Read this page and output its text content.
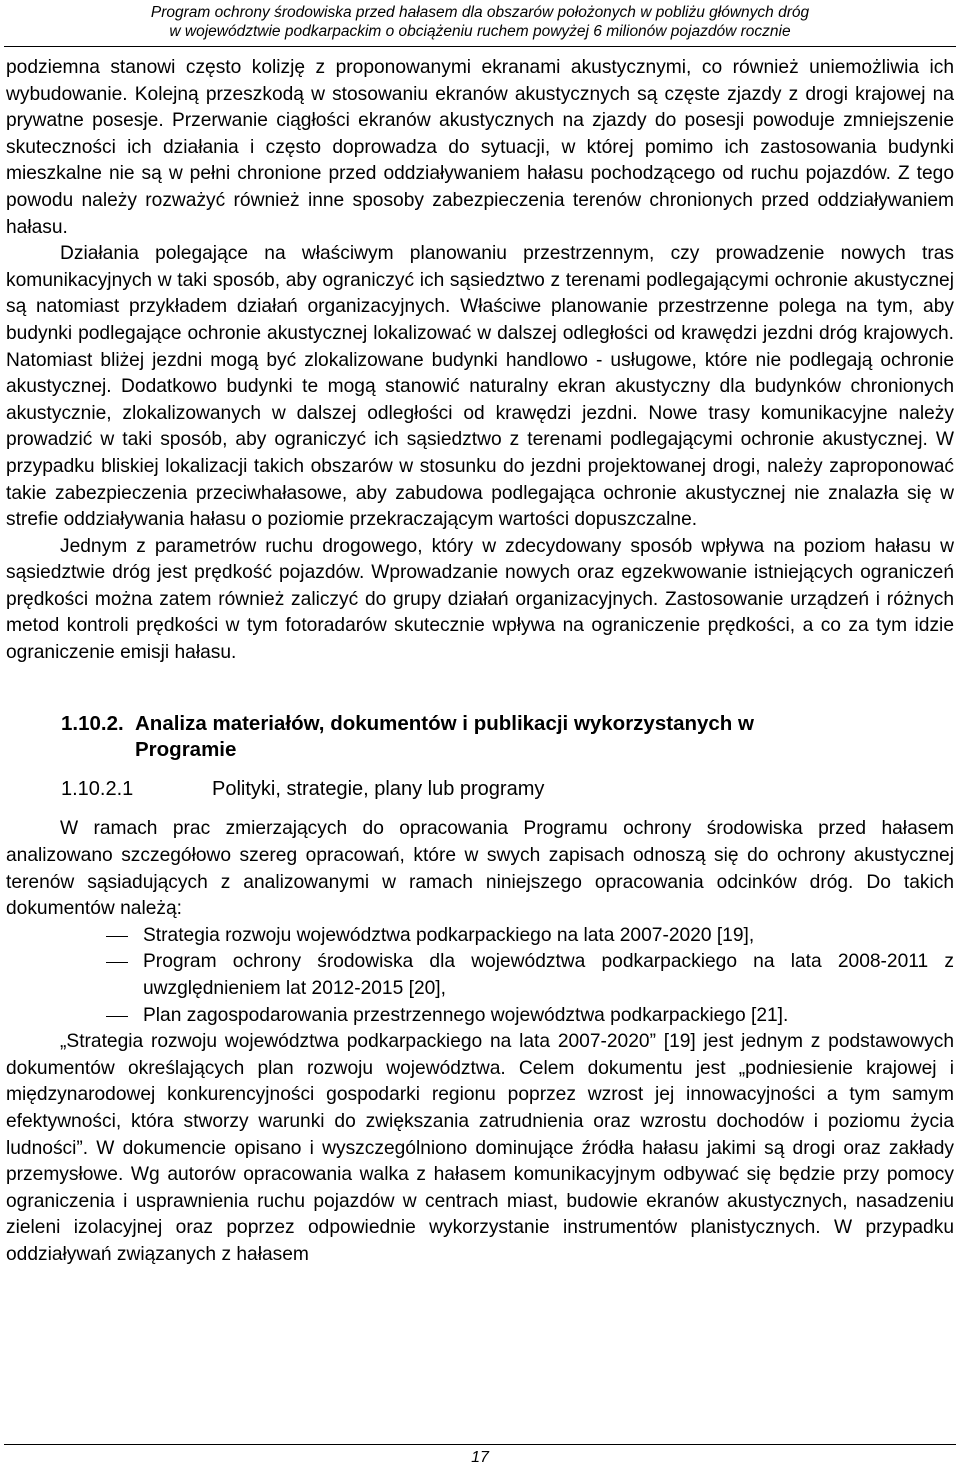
Program ochrony środowiska przed hałasem dla obszarów położonych w pobliżu głównych dróg
w województwie podkarpackim o obciążeniu ruchem powyżej 6 milionów pojazdów rocznie

podziemna stanowi często kolizję z proponowanymi ekranami akustycznymi, co również uniemożliwia ich wybudowanie. Kolejną przeszkodą w stosowaniu ekranów akustycznych są częste zjazdy z drogi krajowej na prywatne posesje. Przerwanie ciągłości ekranów akustycznych na zjazdy do posesji powoduje zmniejszenie skuteczności ich działania i często doprowadza do sytuacji, w której pomimo ich zastosowania budynki mieszkalne nie są w pełni chronione przed oddziaływaniem hałasu pochodzącego od ruchu pojazdów. Z tego powodu należy rozważyć również inne sposoby zabezpieczenia terenów chronionych przed oddziaływaniem hałasu.

Działania polegające na właściwym planowaniu przestrzennym, czy prowadzenie nowych tras komunikacyjnych w taki sposób, aby ograniczyć ich sąsiedztwo z terenami podlegającymi ochronie akustycznej są natomiast przykładem działań organizacyjnych. Właściwe planowanie przestrzenne polega na tym, aby budynki podlegające ochronie akustycznej lokalizować w dalszej odległości od krawędzi jezdni dróg krajowych. Natomiast bliżej jezdni mogą być zlokalizowane budynki handlowo - usługowe, które nie podlegają ochronie akustycznej. Dodatkowo budynki te mogą stanowić naturalny ekran akustyczny dla budynków chronionych akustycznie, zlokalizowanych w dalszej odległości od krawędzi jezdni. Nowe trasy komunikacyjne należy prowadzić w taki sposób, aby ograniczyć ich sąsiedztwo z terenami podlegającymi ochronie akustycznej. W przypadku bliskiej lokalizacji takich obszarów w stosunku do jezdni projektowanej drogi, należy zaproponować takie zabezpieczenia przeciwhałasowe, aby zabudowa podlegająca ochronie akustycznej nie znalazła się w strefie oddziaływania hałasu o poziomie przekraczającym wartości dopuszczalne.

Jednym z parametrów ruchu drogowego, który w zdecydowany sposób wpływa na poziom hałasu w sąsiedztwie dróg jest prędkość pojazdów. Wprowadzanie nowych oraz egzekwowanie istniejących ograniczeń prędkości można zatem również zaliczyć do grupy działań organizacyjnych. Zastosowanie urządzeń i różnych metod kontroli prędkości w tym fotoradarów skutecznie wpływa na ograniczenie prędkości, a co za tym idzie ograniczenie emisji hałasu.

1.10.2. Analiza materiałów, dokumentów i publikacji wykorzystanych w Programie
1.10.2.1	Polityki, strategie, plany lub programy

W ramach prac zmierzających do opracowania Programu ochrony środowiska przed hałasem analizowano szczegółowo szereg opracowań, które w swych zapisach odnoszą się do ochrony akustycznej terenów sąsiadujących z analizowanymi w ramach niniejszego opracowania odcinków dróg. Do takich dokumentów należą:

Strategia rozwoju województwa podkarpackiego na lata 2007-2020 [19],
Program ochrony środowiska dla województwa podkarpackiego na lata 2008-2011 z uwzględnieniem lat 2012-2015 [20],
Plan zagospodarowania przestrzennego województwa podkarpackiego [21].

„Strategia rozwoju województwa podkarpackiego na lata 2007-2020” [19] jest jednym z podstawowych dokumentów określających plan rozwoju województwa. Celem dokumentu jest „podniesienie krajowej i międzynarodowej konkurencyjności gospodarki regionu poprzez wzrost jej innowacyjności a tym samym efektywności, która stworzy warunki do zwiększania zatrudnienia oraz wzrostu dochodów i poziomu życia ludności”. W dokumencie opisano i wyszczególniono dominujące źródła hałasu jakimi są drogi oraz zakłady przemysłowe. Wg autorów opracowania walka z hałasem komunikacyjnym odbywać się będzie przy pomocy ograniczenia i usprawnienia ruchu pojazdów w centrach miast, budowie ekranów akustycznych, nasadzeniu zieleni izolacyjnej oraz poprzez odpowiednie wykorzystanie instrumentów planistycznych. W przypadku oddziaływań związanych z hałasem

17
